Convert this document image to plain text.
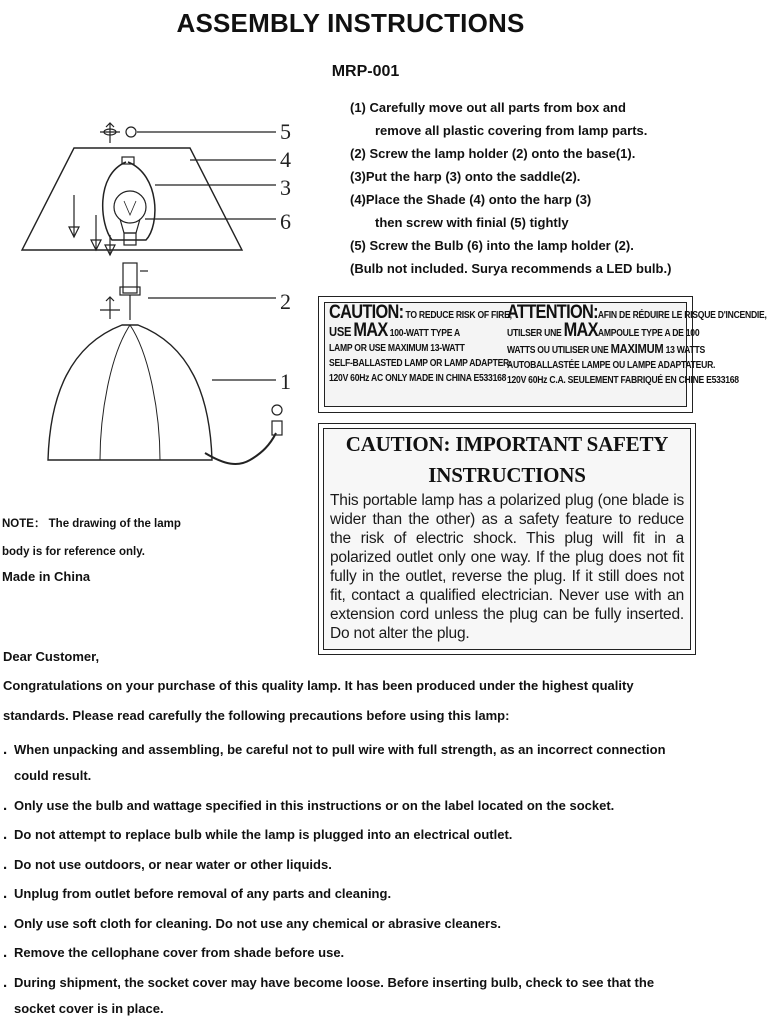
ASSEMBLY INSTRUCTIONS
MRP-001
5
4
3
6
2
1
(1) Carefully move out all parts from box and
remove all plastic covering from lamp parts.
(2) Screw the lamp holder (2) onto the base(1).
(3)Put the harp (3) onto the saddle(2).
(4)Place the Shade (4) onto the harp (3)
then screw with finial (5) tightly
(5) Screw the Bulb (6) into the lamp holder (2).
(Bulb not included. Surya recommends a LED bulb.)

CAUTION: TO REDUCE RISK OF FIRE,

USE MAX 100-WATT TYPE A

LAMP OR USE MAXIMUM 13-WATT

SELF-BALLASTED LAMP OR LAMP ADAPTER.

120V 60Hz AC ONLY MADE IN CHINA E533168

ATTENTION:AFIN DE RÉDUIRE LE RISQUE D'INCENDIE,

UTILSER UNE MAXAMPOULE TYPE A DE 100

WATTS OU UTILISER UNE MAXIMUM 13 WATTS

AUTOBALLASTÉE LAMPE OU LAMPE ADAPTATEUR.

120V 60Hz C.A. SEULEMENT FABRIQUÉ EN CHINE E533168

CAUTION: IMPORTANT SAFETY
INSTRUCTIONS
This portable lamp has a polarized plug (one blade is wider than the other) as a safety feature to reduce the risk of electric shock. This plug will fit in a polarized outlet only one way. If the plug does not fit fully in the outlet, reverse the plug. If it still does not fit, contact a qualified electrician. Never use with an extension cord unless the plug can be fully inserted. Do not alter the plug.
NOTE： The drawing of the lamp
body is for reference only.
Made in China
Dear Customer,
Congratulations on your purchase of this quality lamp. It has been produced under the highest quality standards. Please read carefully the following precautions before using this lamp:
. When unpacking and assembling, be careful not to pull wire with full strength, as an incorrect connection could result.
. Only use the bulb and wattage specified in this instructions or on the label located on the socket.
. Do not attempt to replace bulb while the lamp is plugged into an electrical outlet.
. Do not use outdoors, or near water or other liquids.
. Unplug from outlet before removal of any parts and cleaning.
. Only use soft cloth for cleaning. Do not use any chemical or abrasive cleaners.
. Remove the cellophane cover from shade before use.
. During shipment, the socket cover may have become loose. Before inserting bulb, check to see that the socket cover is in place.
